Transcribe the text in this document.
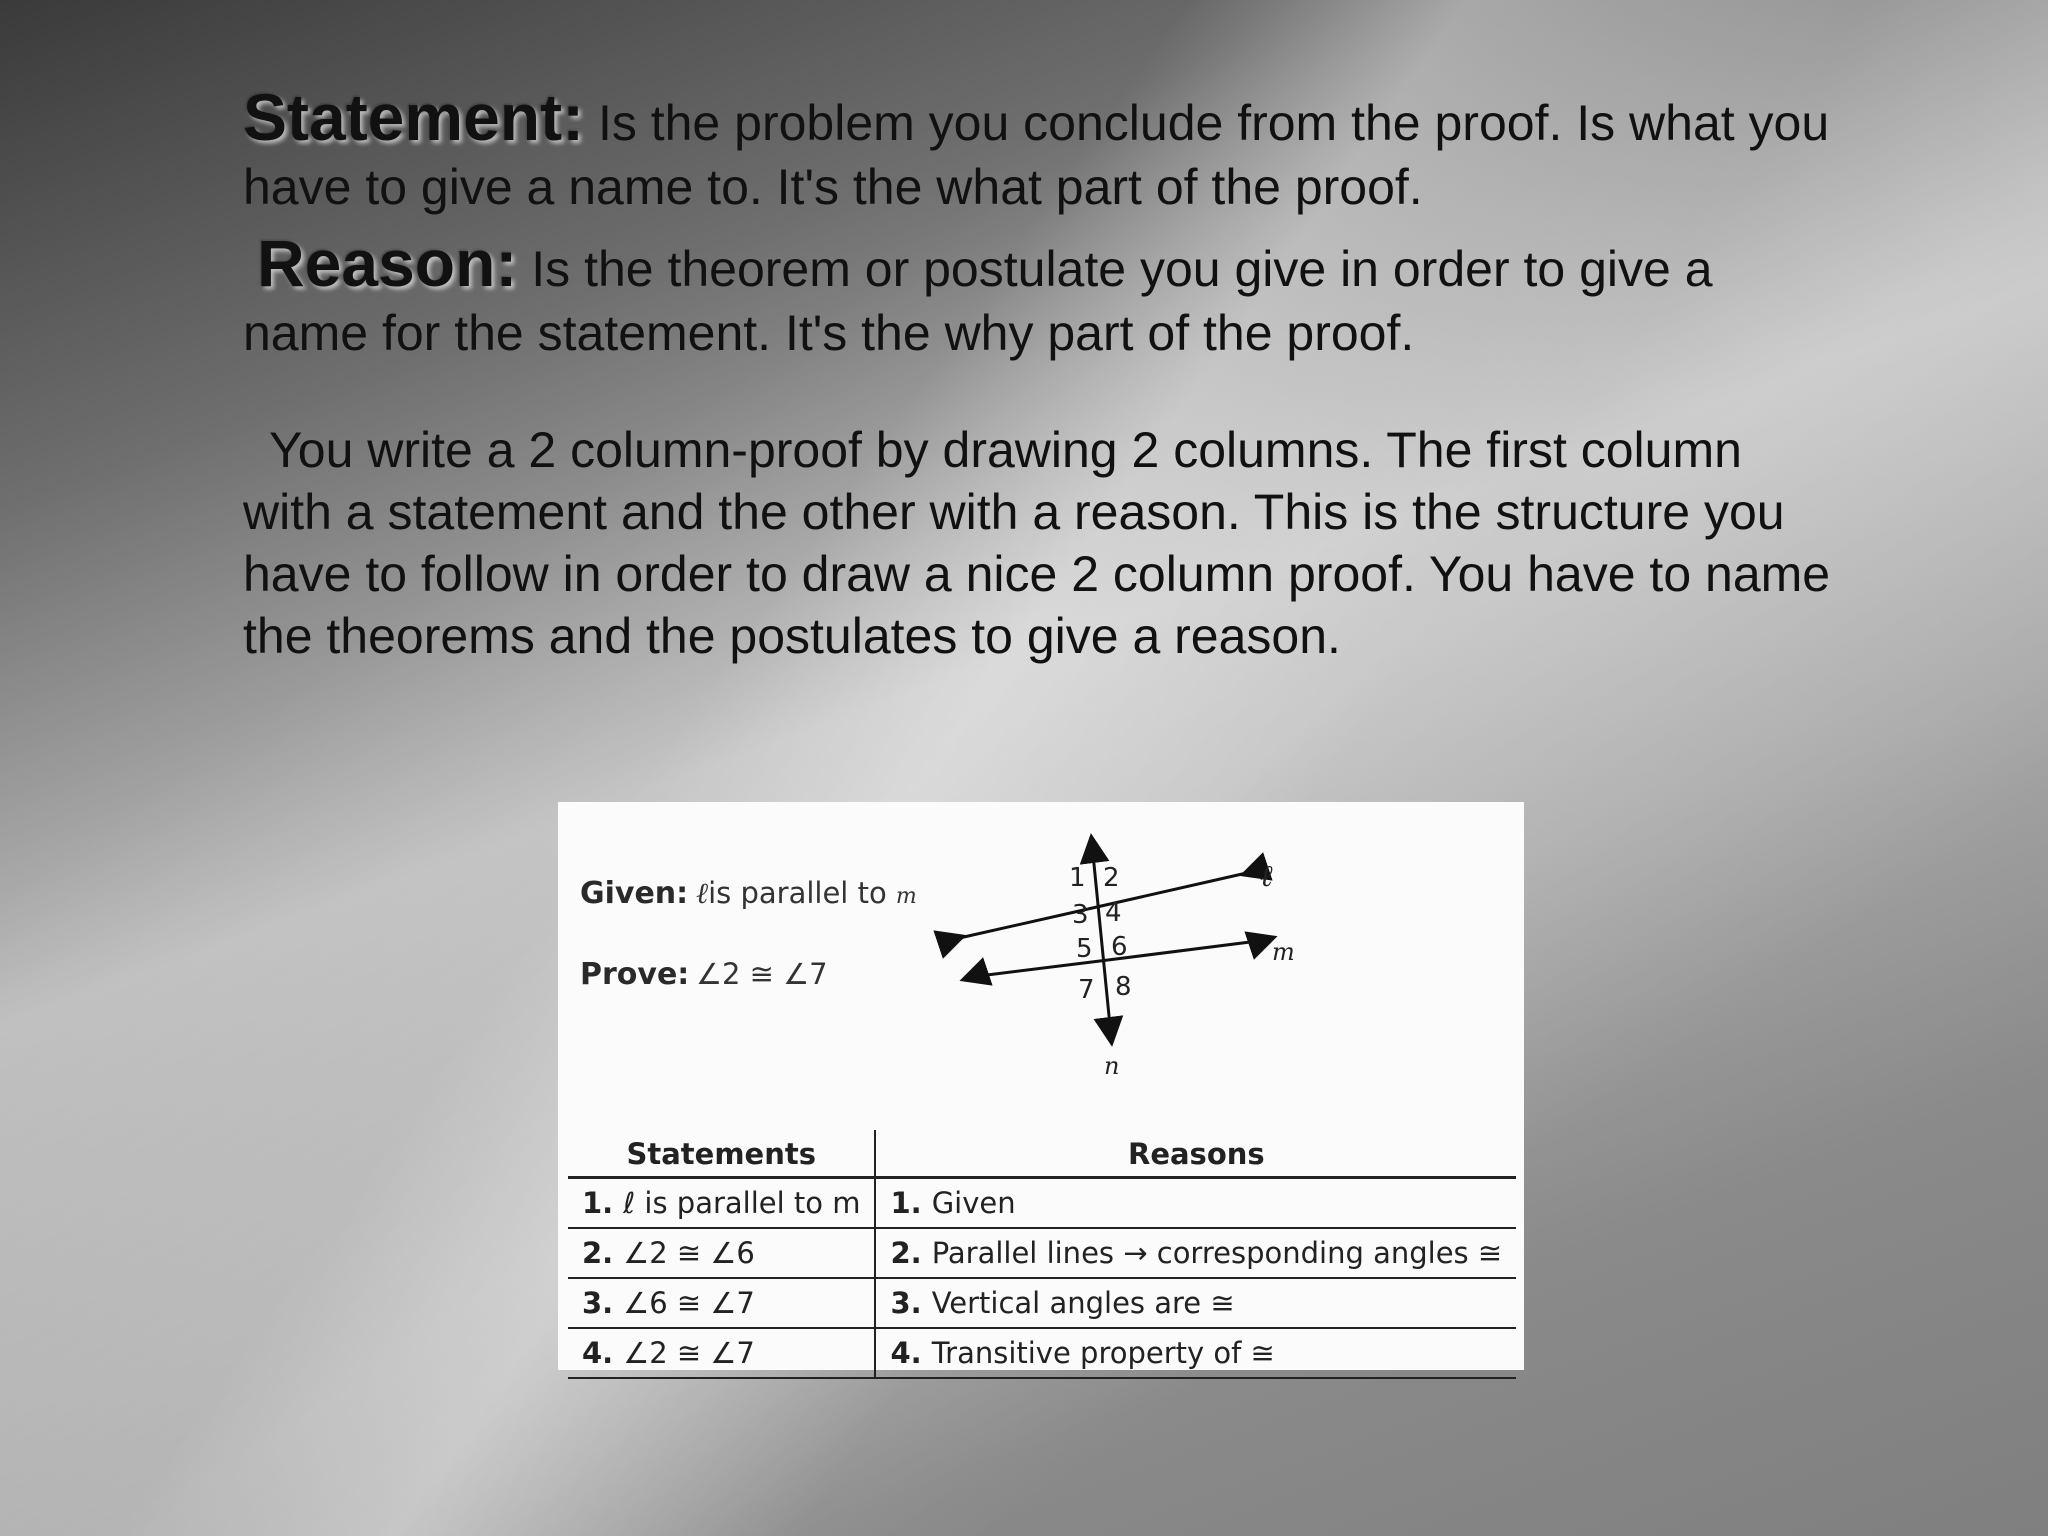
Statement: Is the problem you conclude from the proof. Is what you have to give a name to. It's the what part of the proof.

Reason: Is the theorem or postulate you give in order to give a name for the statement. It's the why part of the proof.

You write a 2 column-proof by drawing 2 columns. The first column with a statement and the other with a reason. This is the structure you have to follow in order to draw a nice 2 column proof. You have to name the theorems and the postulates to give a reason.

Given: ℓis parallel to m
Prove: ∠2 ≅ ∠7
ℓ
m
n
1 2
3 4
5 6
7 8
Statements	Reasons
1. ℓ is parallel to m	1. Given
2. ∠2 ≅ ∠6	2. Parallel lines → corresponding angles ≅
3. ∠6 ≅ ∠7	3. Vertical angles are ≅
4. ∠2 ≅ ∠7	4. Transitive property of ≅
